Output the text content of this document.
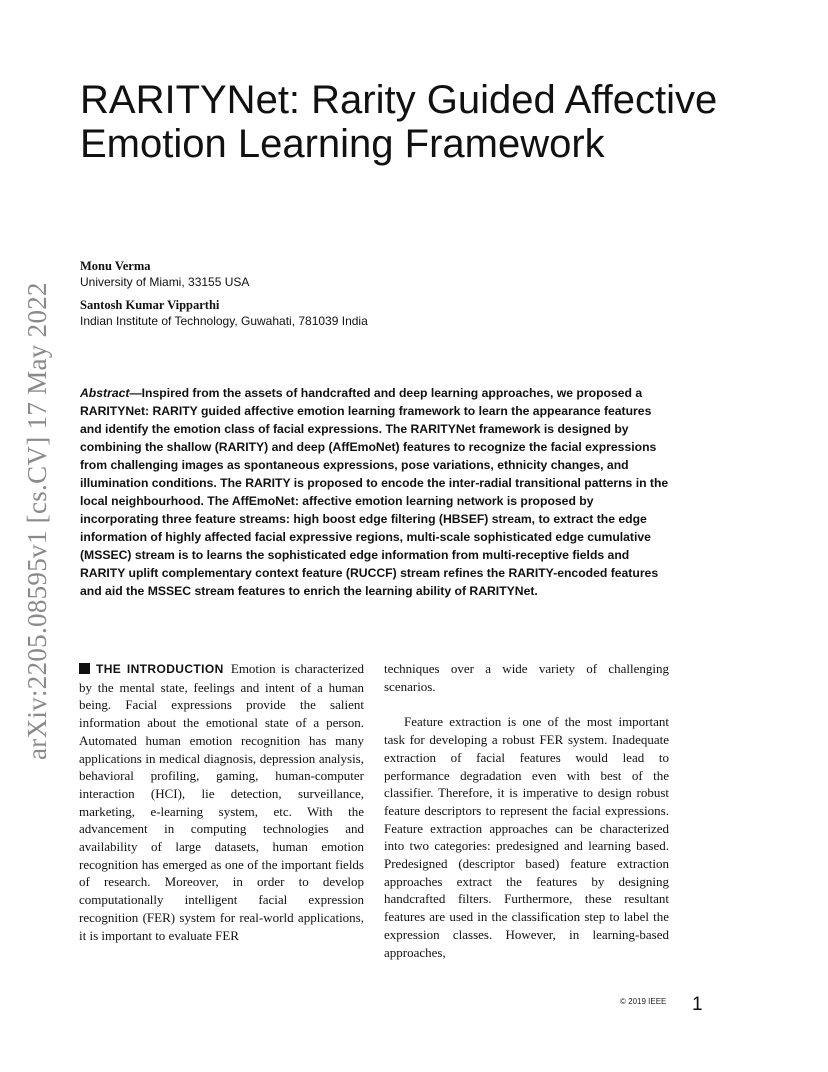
arXiv:2205.08595v1 [cs.CV] 17 May 2022
RARITYNet: Rarity Guided Affective Emotion Learning Framework
Monu Verma
University of Miami, 33155 USA
Santosh Kumar Vipparthi
Indian Institute of Technology, Guwahati, 781039 India

Abstract—Inspired from the assets of handcrafted and deep learning approaches, we proposed a RARITYNet: RARITY guided affective emotion learning framework to learn the appearance features and identify the emotion class of facial expressions. The RARITYNet framework is designed by combining the shallow (RARITY) and deep (AffEmoNet) features to recognize the facial expressions from challenging images as spontaneous expressions, pose variations, ethnicity changes, and illumination conditions. The RARITY is proposed to encode the inter-radial transitional patterns in the local neighbourhood. The AffEmoNet: affective emotion learning network is proposed by incorporating three feature streams: high boost edge filtering (HBSEF) stream, to extract the edge information of highly affected facial expressive regions, multi-scale sophisticated edge cumulative (MSSEC) stream is to learns the sophisticated edge information from multi-receptive fields and RARITY uplift complementary context feature (RUCCF) stream refines the RARITY-encoded features and aid the MSSEC stream features to enrich the learning ability of RARITYNet.

THE INTRODUCTION Emotion is characterized by the mental state, feelings and intent of a human being. Facial expressions provide the salient information about the emotional state of a person. Automated human emotion recognition has many applications in medical diagnosis, depression analysis, behavioral profiling, gaming, human-computer interaction (HCI), lie detection, surveillance, marketing, e-learning system, etc. With the advancement in computing technologies and availability of large datasets, human emotion recognition has emerged as one of the important fields of research. Moreover, in order to develop computationally intelligent facial expression recognition (FER) system for real-world applications, it is important to evaluate FER

techniques over a wide variety of challenging scenarios.

Feature extraction is one of the most important task for developing a robust FER system. Inadequate extraction of facial features would lead to performance degradation even with best of the classifier. Therefore, it is imperative to design robust feature descriptors to represent the facial expressions. Feature extraction approaches can be characterized into two categories: predesigned and learning based. Predesigned (descriptor based) feature extraction approaches extract the features by designing handcrafted filters. Furthermore, these resultant features are used in the classification step to label the expression classes. However, in learning-based approaches,

© 2019 IEEE 1
